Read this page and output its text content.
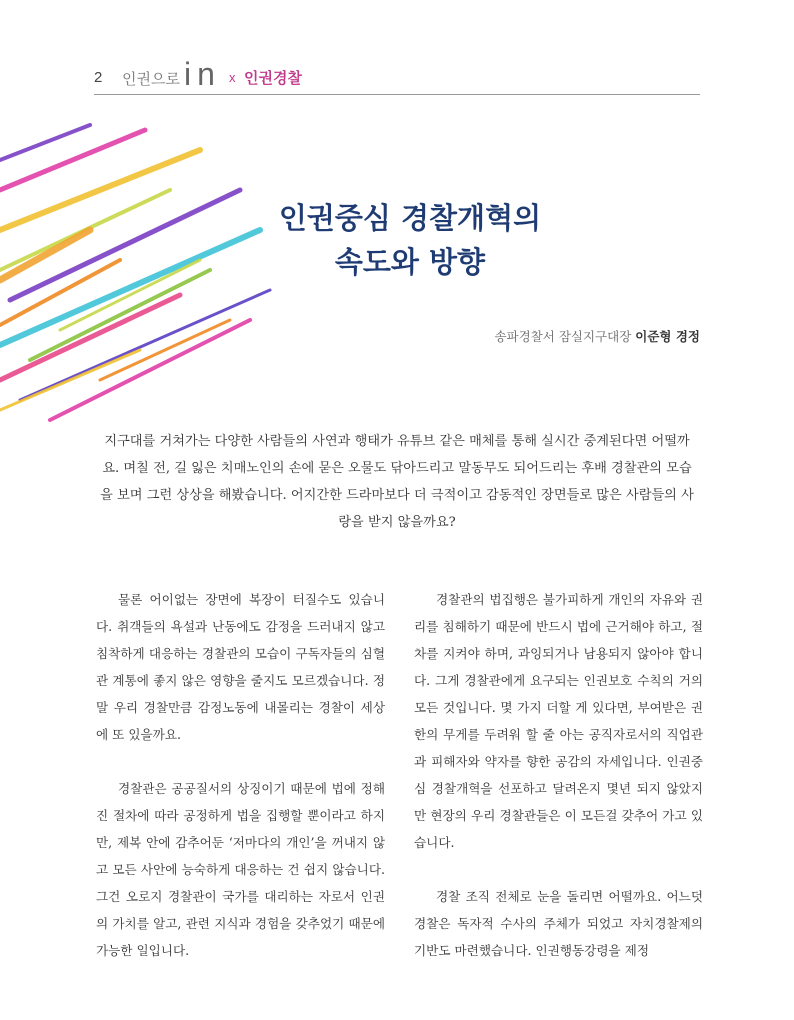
2 인권으로 in x 인권경찰
인권중심 경찰개혁의
속도와 방향
송파경찰서 잠실지구대장 이준형 경정
지구대를 거쳐가는 다양한 사람들의 사연과 행태가 유튜브 같은 매체를 통해 실시간 중계된다면 어떨까요. 며칠 전, 길 잃은 치매노인의 손에 묻은 오물도 닦아드리고 말동무도 되어드리는 후배 경찰관의 모습을 보며 그런 상상을 해봤습니다. 어지간한 드라마보다 더 극적이고 감동적인 장면들로 많은 사람들의 사랑을 받지 않을까요?

물론 어이없는 장면에 복장이 터질수도 있습니다. 취객들의 욕설과 난동에도 감정을 드러내지 않고 침착하게 대응하는 경찰관의 모습이 구독자들의 심혈관 계통에 좋지 않은 영향을 줄지도 모르겠습니다. 정말 우리 경찰만큼 감정노동에 내몰리는 경찰이 세상에 또 있을까요.

경찰관은 공공질서의 상징이기 때문에 법에 정해진 절차에 따라 공정하게 법을 집행할 뿐이라고 하지만, 제복 안에 감추어둔 ‘저마다의 개인’을 꺼내지 않고 모든 사안에 능숙하게 대응하는 건 쉽지 않습니다. 그건 오로지 경찰관이 국가를 대리하는 자로서 인권의 가치를 알고, 관련 지식과 경험을 갖추었기 때문에 가능한 일입니다.

경찰관의 법집행은 불가피하게 개인의 자유와 권리를 침해하기 때문에 반드시 법에 근거해야 하고, 절차를 지켜야 하며, 과잉되거나 남용되지 않아야 합니다. 그게 경찰관에게 요구되는 인권보호 수칙의 거의 모든 것입니다. 몇 가지 더할 게 있다면, 부여받은 권한의 무게를 두려워 할 줄 아는 공직자로서의 직업관과 피해자와 약자를 향한 공감의 자세입니다. 인권중심 경찰개혁을 선포하고 달려온지 몇년 되지 않았지만 현장의 우리 경찰관들은 이 모든걸 갖추어 가고 있습니다.

경찰 조직 전체로 눈을 돌리면 어떨까요. 어느덧 경찰은 독자적 수사의 주체가 되었고 자치경찰제의 기반도 마련했습니다. 인권행동강령을 제정
